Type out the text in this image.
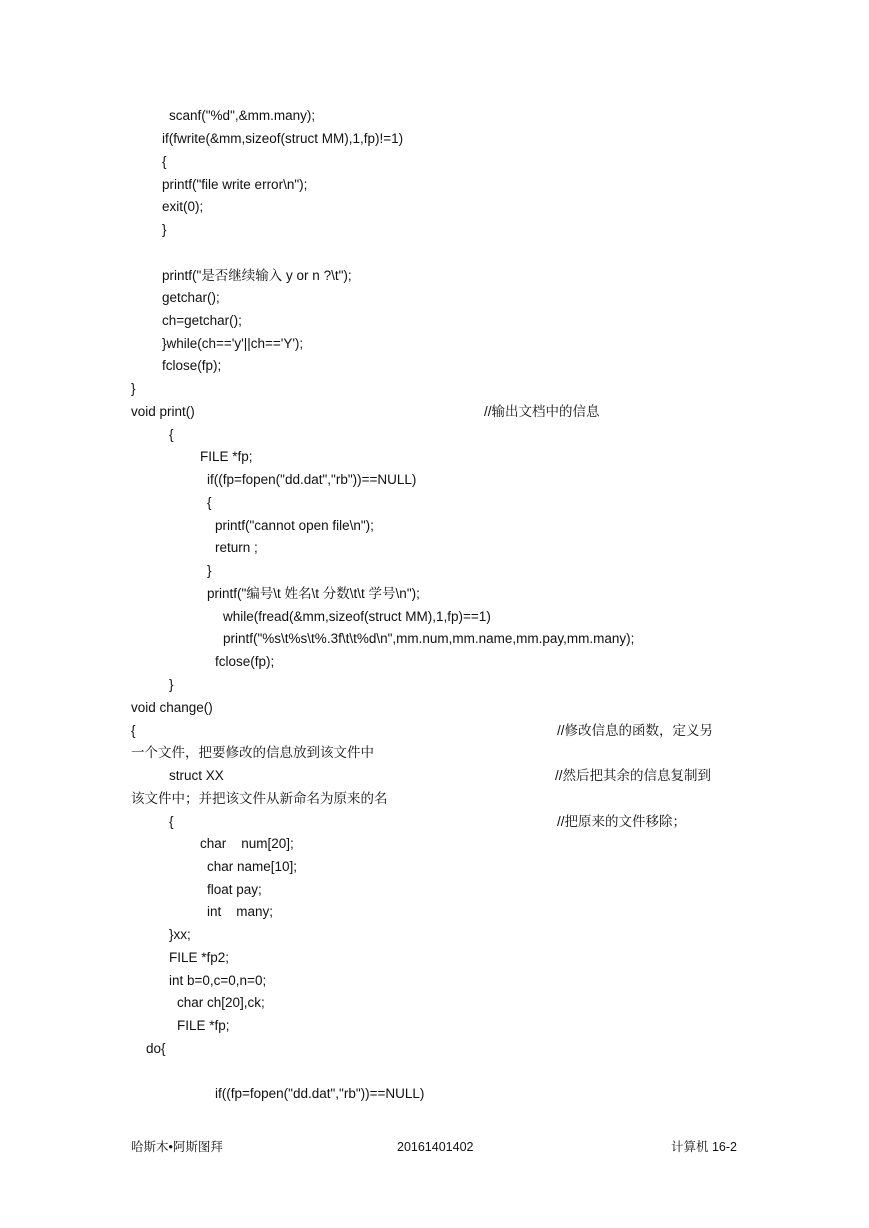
scanf("%d",&mm.many);
if(fwrite(&mm,sizeof(struct MM),1,fp)!=1)
{
printf("file write error\n");
exit(0);
}
printf("是否继续输入 y or n ?\t");
getchar();
ch=getchar();
}while(ch=='y'||ch=='Y');
fclose(fp);
}
void print()	//输出文档中的信息
{
FILE *fp;
if((fp=fopen("dd.dat","rb"))==NULL)
{
printf("cannot open file\n");
return ;
}
printf("编号\t 姓名\t 分数\t\t 学号\n");
while(fread(&mm,sizeof(struct MM),1,fp)==1)
printf("%s\t%s\t%.3f\t\t%d\n",mm.num,mm.name,mm.pay,mm.many);
fclose(fp);
}
void change()
{	//修改信息的函数，定义另
一个文件，把要修改的信息放到该文件中
struct XX	//然后把其余的信息复制到
该文件中；并把该文件从新命名为原来的名
{	//把原来的文件移除；
char    num[20];
char name[10];
float pay;
int    many;
}xx;
FILE *fp2;
int b=0,c=0,n=0;
char ch[20],ck;
FILE *fp;
do{
if((fp=fopen("dd.dat","rb"))==NULL)
哈斯木•阿斯图拜	20161401402	计算机 16-2
